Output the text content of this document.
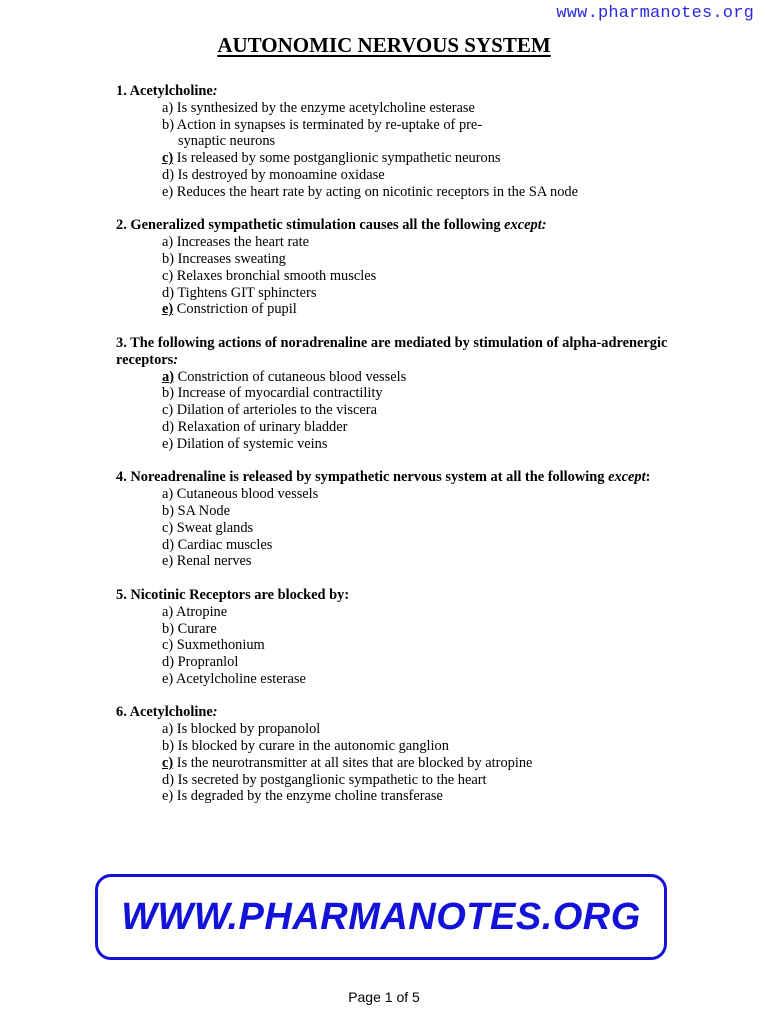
www.pharmanotes.org
AUTONOMIC NERVOUS SYSTEM
1. Acetylcholine:
a) Is synthesized by the enzyme acetylcholine esterase
b) Action in synapses is terminated by re-uptake of pre-
synaptic neurons
c) Is released by some postganglionic sympathetic neurons
d) Is destroyed by monoamine oxidase
e) Reduces the heart rate by acting on nicotinic receptors in the SA node
2. Generalized sympathetic stimulation causes all the following except:
a) Increases the heart rate
b) Increases sweating
c) Relaxes bronchial smooth muscles
d) Tightens GIT sphincters
e) Constriction of pupil
3. The following actions of noradrenaline are mediated by stimulation of alpha-adrenergic receptors:
a) Constriction of cutaneous blood vessels
b) Increase of myocardial contractility
c) Dilation of arterioles to the viscera
d) Relaxation of urinary bladder
e) Dilation of systemic veins
4. Noreadrenaline is released by sympathetic nervous system at all the following except:
a) Cutaneous blood vessels
b) SA Node
c) Sweat glands
d) Cardiac muscles
e) Renal nerves
5. Nicotinic Receptors are blocked by:
a) Atropine
b) Curare
c) Suxmethonium
d) Propranlol
e) Acetylcholine esterase
6. Acetylcholine:
a) Is blocked by propanolol
b) Is blocked by curare in the autonomic ganglion
c) Is the neurotransmitter at all sites that are blocked by atropine
d) Is secreted by postganglionic sympathetic to the heart
e) Is degraded by the enzyme choline transferase
WWW.PHARMANOTES.ORG
Page 1 of 5
